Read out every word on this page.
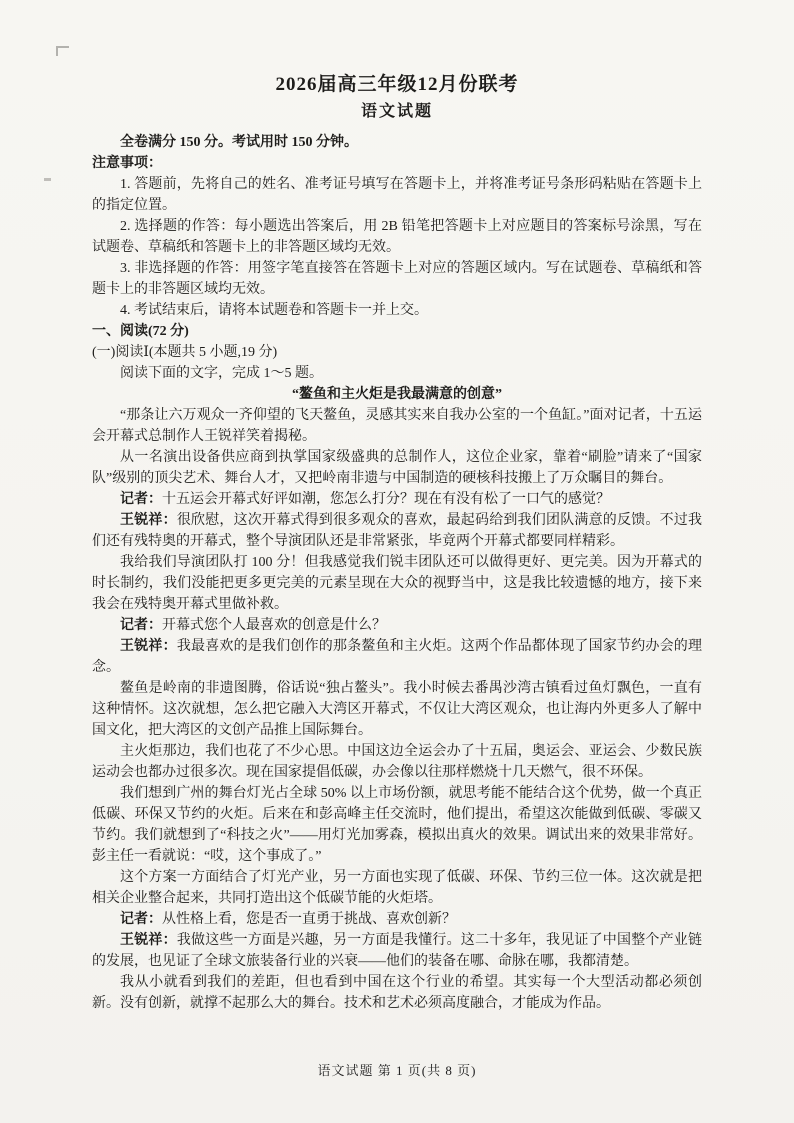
2026届高三年级12月份联考
语文试题

全卷满分 150 分。考试用时 150 分钟。

注意事项：

1. 答题前，先将自己的姓名、准考证号填写在答题卡上，并将准考证号条形码粘贴在答题卡上的指定位置。

2. 选择题的作答：每小题选出答案后，用 2B 铅笔把答题卡上对应题目的答案标号涂黑，写在试题卷、草稿纸和答题卡上的非答题区域均无效。

3. 非选择题的作答：用签字笔直接答在答题卡上对应的答题区域内。写在试题卷、草稿纸和答题卡上的非答题区域均无效。

4. 考试结束后，请将本试题卷和答题卡一并上交。

一、阅读(72 分)

(一)阅读Ⅰ(本题共 5 小题,19 分)

阅读下面的文字，完成 1～5 题。

“鳌鱼和主火炬是我最满意的创意”

“那条让六万观众一齐仰望的飞天鳌鱼，灵感其实来自我办公室的一个鱼缸。”面对记者，十五运会开幕式总制作人王锐祥笑着揭秘。

从一名演出设备供应商到执掌国家级盛典的总制作人，这位企业家，靠着“刷脸”请来了“国家队”级别的顶尖艺术、舞台人才，又把岭南非遗与中国制造的硬核科技搬上了万众瞩目的舞台。

记者：十五运会开幕式好评如潮，您怎么打分？现在有没有松了一口气的感觉？

王锐祥：很欣慰，这次开幕式得到很多观众的喜欢，最起码给到我们团队满意的反馈。不过我们还有残特奥的开幕式，整个导演团队还是非常紧张，毕竟两个开幕式都要同样精彩。

我给我们导演团队打 100 分！但我感觉我们锐丰团队还可以做得更好、更完美。因为开幕式的时长制约，我们没能把更多更完美的元素呈现在大众的视野当中，这是我比较遗憾的地方，接下来我会在残特奥开幕式里做补救。

记者：开幕式您个人最喜欢的创意是什么？

王锐祥：我最喜欢的是我们创作的那条鳌鱼和主火炬。这两个作品都体现了国家节约办会的理念。

鳌鱼是岭南的非遗图腾，俗话说“独占鳌头”。我小时候去番禺沙湾古镇看过鱼灯飘色，一直有这种情怀。这次就想，怎么把它融入大湾区开幕式，不仅让大湾区观众，也让海内外更多人了解中国文化，把大湾区的文创产品推上国际舞台。

主火炬那边，我们也花了不少心思。中国这边全运会办了十五届，奥运会、亚运会、少数民族运动会也都办过很多次。现在国家提倡低碳，办会像以往那样燃烧十几天燃气，很不环保。

我们想到广州的舞台灯光占全球 50% 以上市场份额，就思考能不能结合这个优势，做一个真正低碳、环保又节约的火炬。后来在和彭高峰主任交流时，他们提出，希望这次能做到低碳、零碳又节约。我们就想到了“科技之火”——用灯光加雾森，模拟出真火的效果。调试出来的效果非常好。彭主任一看就说：“哎，这个事成了。”

这个方案一方面结合了灯光产业，另一方面也实现了低碳、环保、节约三位一体。这次就是把相关企业整合起来，共同打造出这个低碳节能的火炬塔。

记者：从性格上看，您是否一直勇于挑战、喜欢创新？

王锐祥：我做这些一方面是兴趣，另一方面是我懂行。这二十多年，我见证了中国整个产业链的发展，也见证了全球文旅装备行业的兴衰——他们的装备在哪、命脉在哪，我都清楚。

我从小就看到我们的差距，但也看到中国在这个行业的希望。其实每一个大型活动都必须创新。没有创新，就撑不起那么大的舞台。技术和艺术必须高度融合，才能成为作品。

语文试题 第 1 页(共 8 页)
